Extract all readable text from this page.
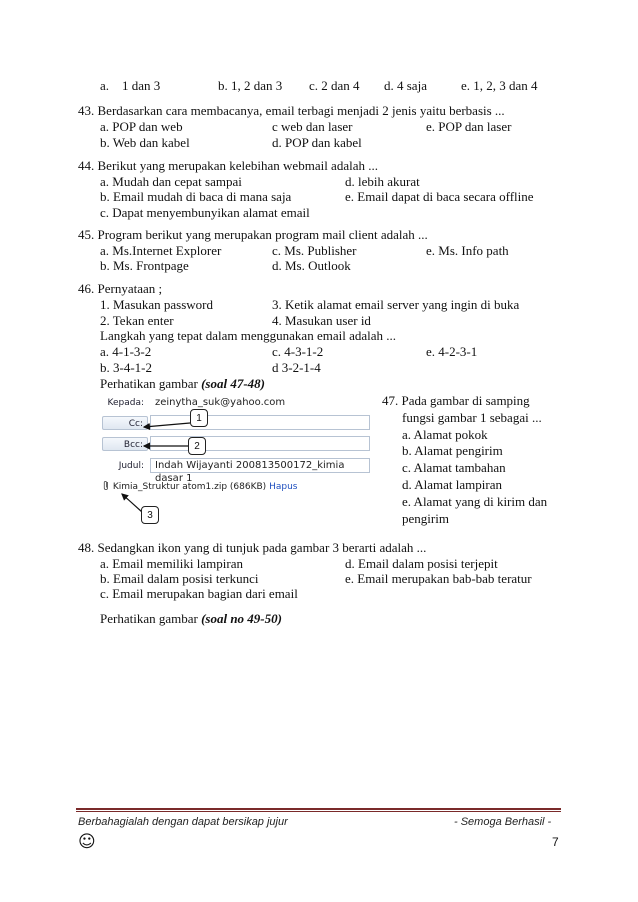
a. 1 dan 3	b. 1, 2 dan 3 c. 2 dan 4 d. 4 saja	e. 1, 2, 3 dan 4
43. Berdasarkan cara membacanya, email terbagi menjadi 2 jenis yaitu berbasis ...
a. POP dan web	c web dan laser	e. POP dan laser
b. Web dan kabel	d. POP dan kabel
44. Berikut yang merupakan kelebihan webmail adalah ...
a. Mudah dan cepat sampai	d. lebih akurat
b. Email mudah di baca di mana saja	e. Email dapat di baca secara offline
c. Dapat menyembunyikan alamat email
45. Program berikut yang merupakan program mail client adalah ...
a. Ms.Internet Explorer	c. Ms. Publisher	e. Ms. Info path
b. Ms. Frontpage	d. Ms. Outlook
46. Pernyataan ;
1. Masukan password	3. Ketik alamat email server yang ingin di buka
2. Tekan enter	4. Masukan user id
Langkah yang tepat dalam menggunakan email adalah ...
a. 4-1-3-2	c. 4-3-1-2	e. 4-2-3-1
b. 3-4-1-2	d 3-2-1-4
Perhatikan gambar (soal 47-48)
Kepada:	zeinytha_suk@yahoo.com
Cc:
Bcc:
Judul:	Indah Wijayanti 200813500172_kimia dasar 1
Kimia_Struktur atom1.zip (686KB) Hapus
1
2
3
47. Pada gambar di samping
fungsi gambar 1 sebagai ...
a. Alamat pokok
b. Alamat pengirim
c. Alamat tambahan
d. Alamat lampiran
e. Alamat yang di kirim dan
pengirim
48. Sedangkan ikon yang di tunjuk pada gambar 3 berarti adalah ...
a. Email memiliki lampiran	d. Email dalam posisi terjepit
b. Email dalam posisi terkunci	e. Email merupakan bab-bab teratur
c. Email merupakan bagian dari email
Perhatikan gambar (soal no 49-50)
Berbahagialah dengan dapat bersikap jujur	- Semoga Berhasil -
☺	7
